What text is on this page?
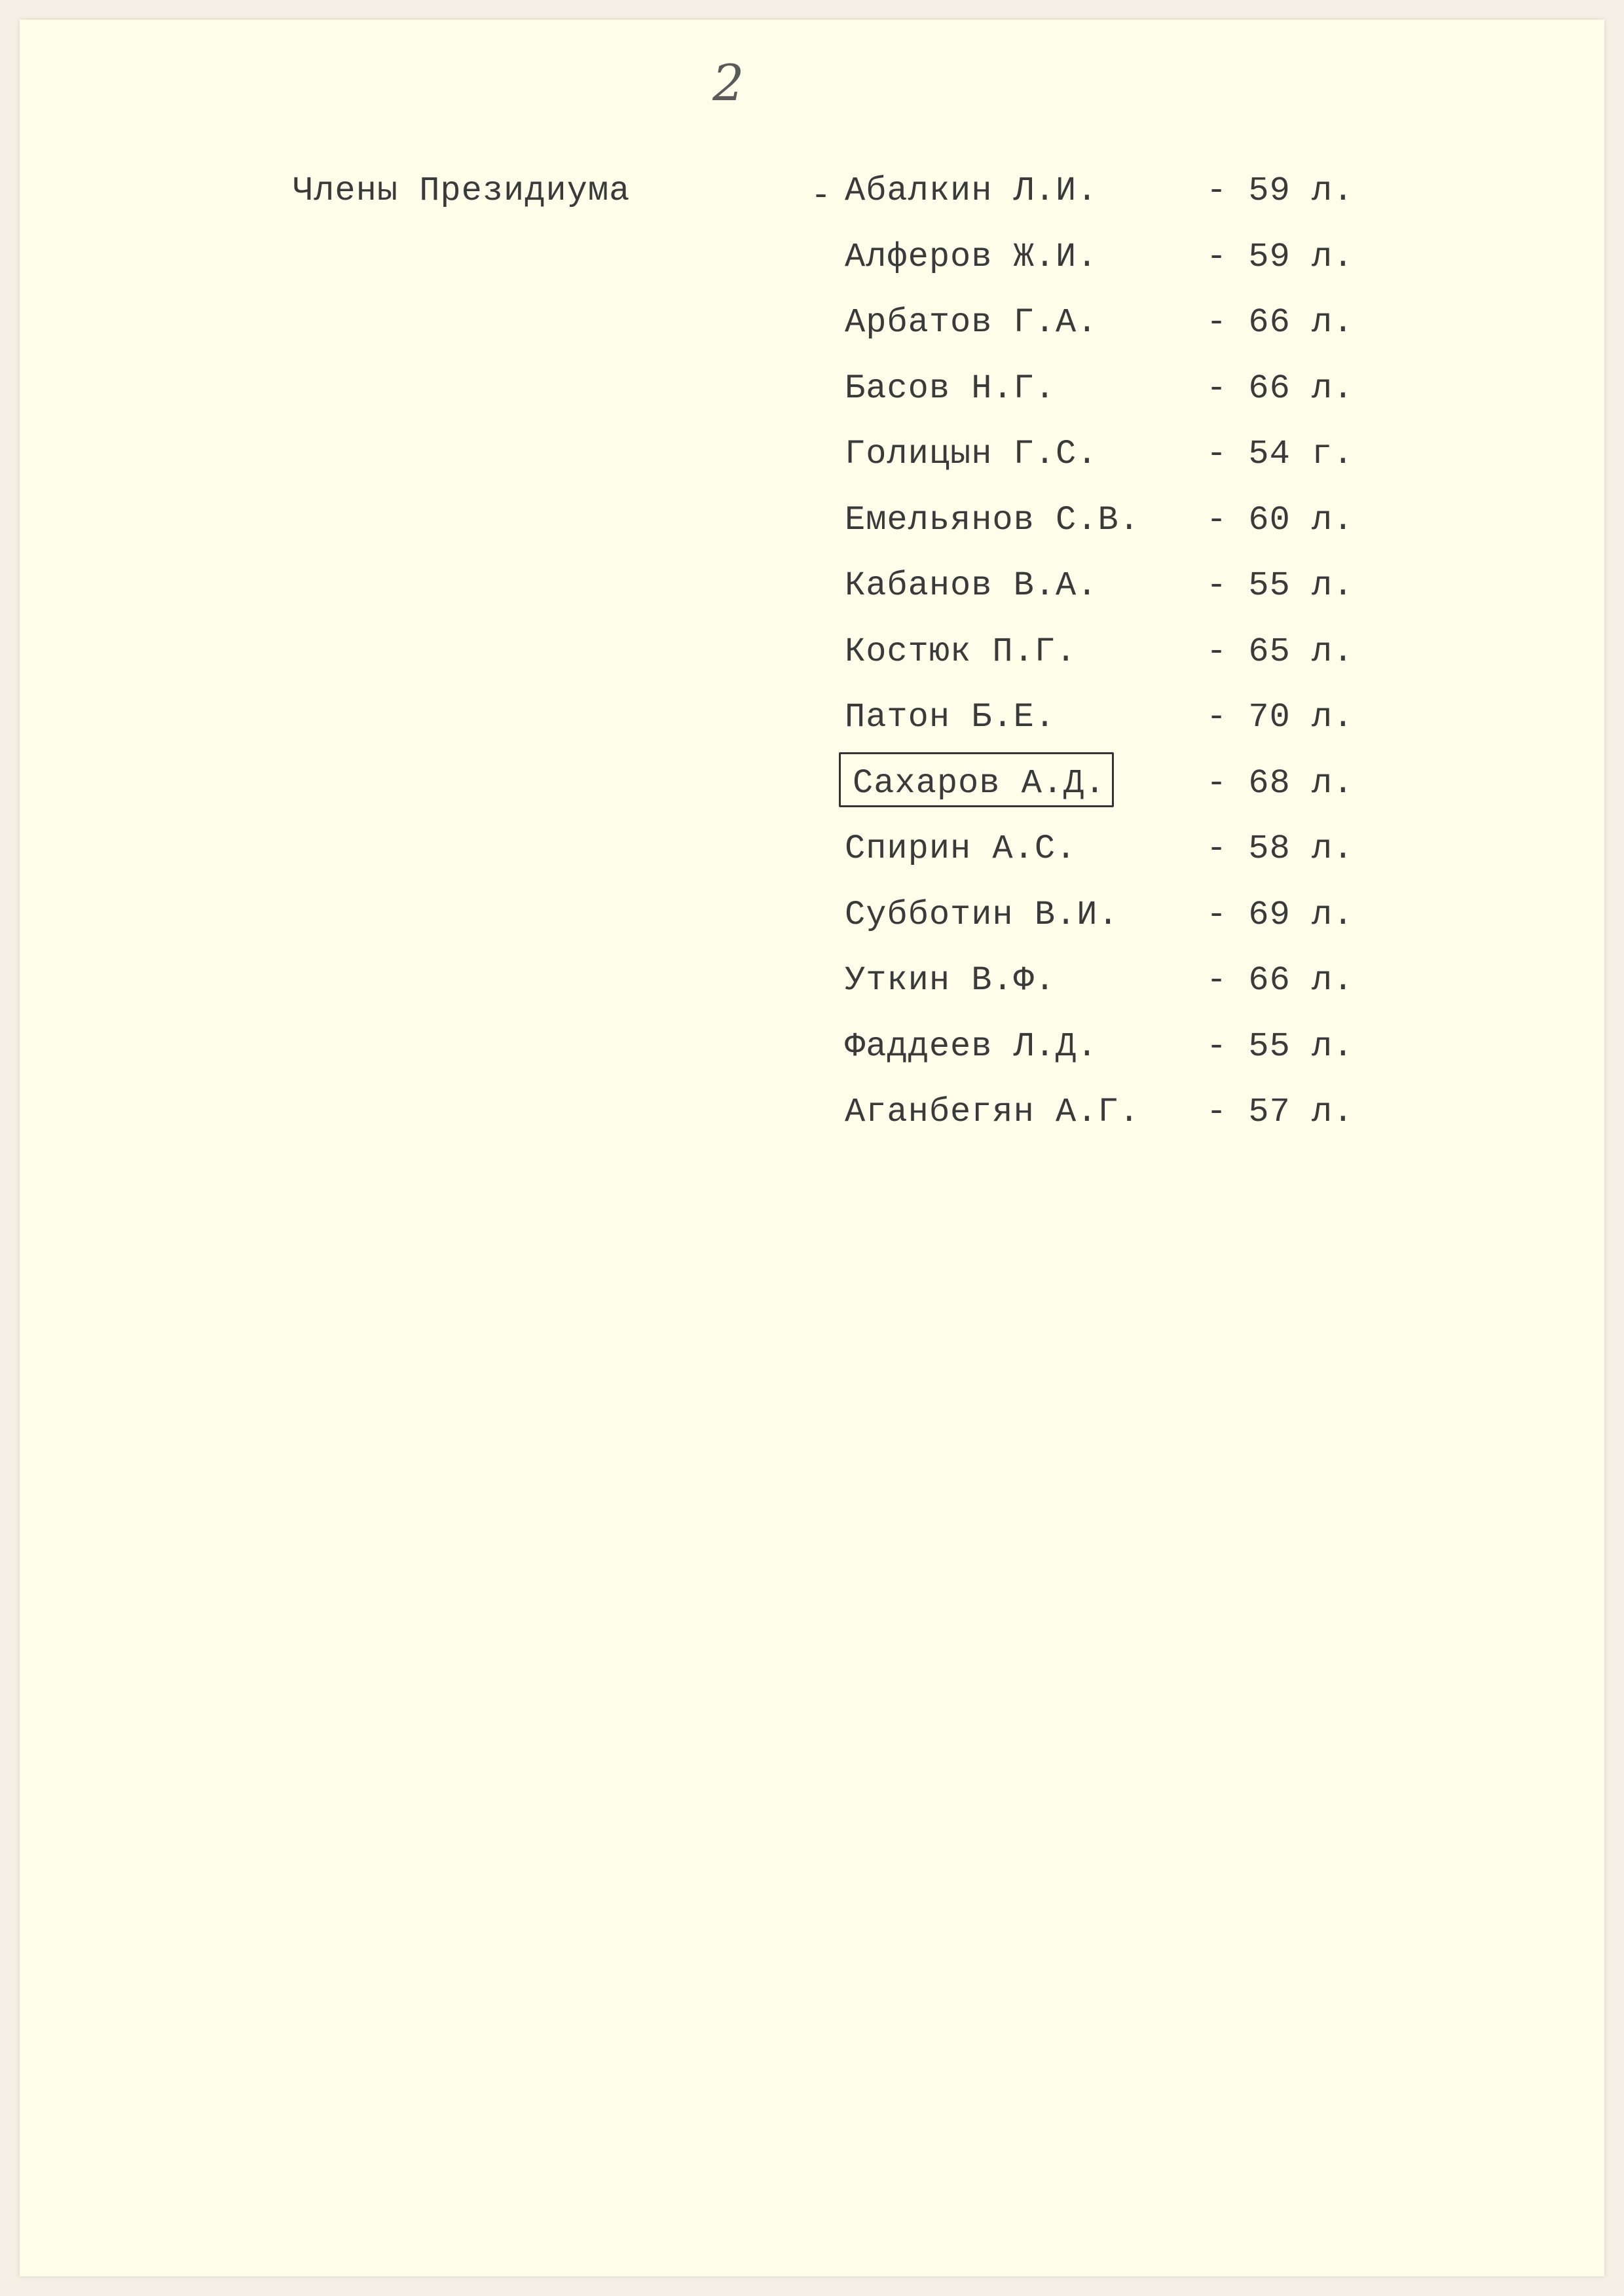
2
Члены Президиума	- Абалкин Л.И.	- 59 л.
Алферов Ж.И.	- 59 л.
Арбатов Г.А.	- 66 л.
Басов Н.Г.	- 66 л.
Голицын Г.С.	- 54 г.
Емельянов С.В. - 60 л.
Кабанов В.А.	- 55 л.
Костюк П.Г.	- 65 л.
Патон Б.Е.	- 70 л.
Сахаров А.Д.	- 68 л.
Спирин А.С.	- 58 л.
Субботин В.И.	- 69 л.
Уткин В.Ф.	- 66 л.
Фаддеев Л.Д.	- 55 л.
Аганбегян А.Г. - 57 л.
